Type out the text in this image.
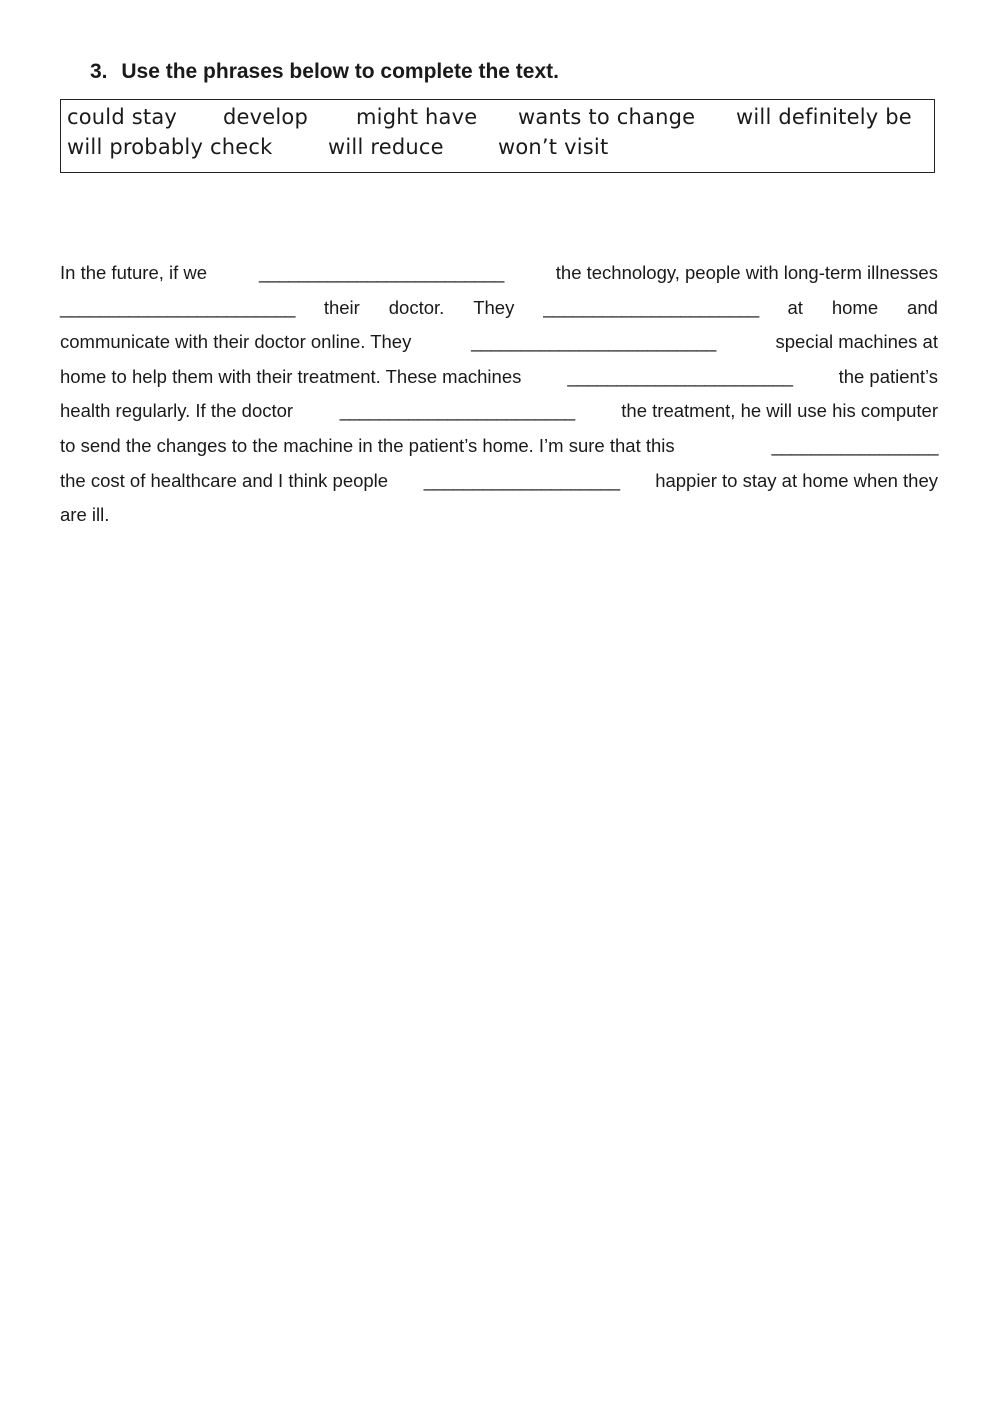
3. Use the phrases below to complete the text.
could stay develop might have wants to change will definitely be
will probably check	will reduce	won’t visit
In the future, if we	_________________________	the technology, people with long-term illnesses
________________________ their doctor. They ______________________ at home and
communicate with their doctor online. They	_________________________	special machines at
home to help them with their treatment. These machines _______________________ the patient’s
health regularly. If the doctor	________________________	the treatment, he will use his computer
to send the changes to the machine in the patient’s home. I’m sure that this	_________________
the cost of healthcare and I think people ____________________ happier to stay at home when they
are ill.
